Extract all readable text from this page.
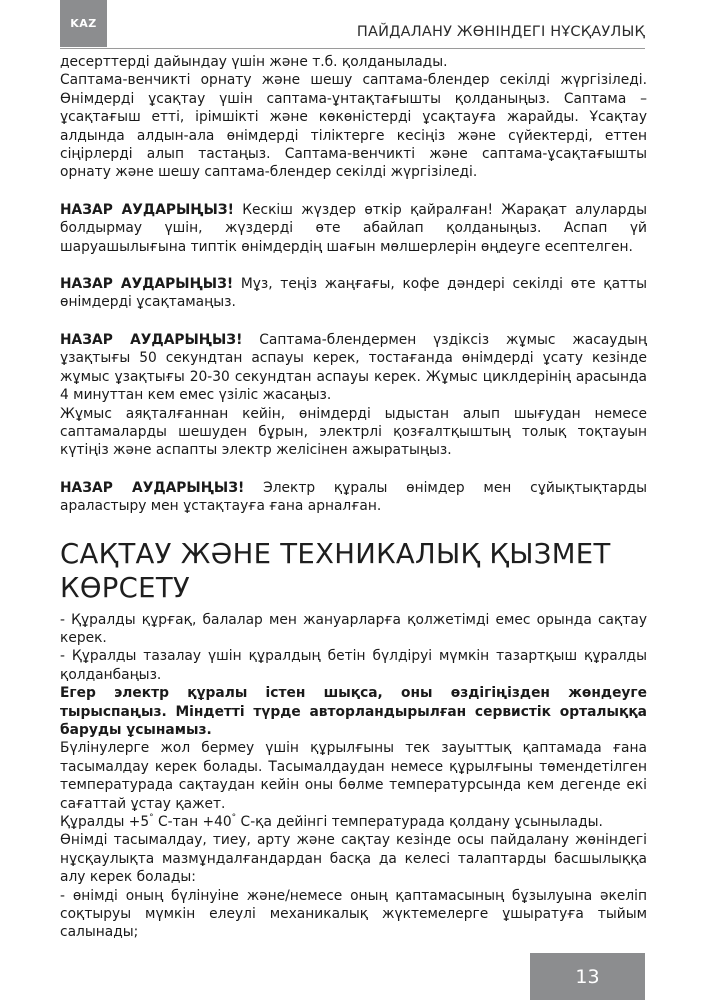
KAZ
ПАЙДАЛАНУ ЖӨНІНДЕГІ НҰСҚАУЛЫҚ

десерттерді дайындау үшін және т.б. қолданылады.

Саптама-венчикті орнату және шешу саптама-блендер секілді жүргізіледі. Өнімдерді ұсақтау үшін саптама-ұнтақтағышты қолданыңыз. Саптама – ұсақтағыш етті, ірімшікті және көкөністерді ұсақтауға жарайды. Ұсақтау алдында алдын-ала өнімдерді тіліктерге кесіңіз және сүйектерді, еттен сіңірлерді алып тастаңыз. Саптама-венчикті және саптама-ұсақтағышты орнату және шешу саптама-блендер секілді жүргізіледі.

НАЗАР АУДАРЫҢЫЗ! Кескіш жүздер өткір қайралған! Жарақат алуларды болдырмау үшін, жүздерді өте абайлап қолданыңыз. Аспап үй шаруашылығына типтік өнімдердің шағын мөлшерлерін өңдеуге есептелген.

НАЗАР АУДАРЫҢЫЗ! Мұз, теңіз жаңғағы, кофе дәндері секілді өте қатты өнімдерді ұсақтамаңыз.

НАЗАР АУДАРЫҢЫЗ! Саптама-блендермен үздіксіз жұмыс жасаудың ұзақтығы 50 секундтан аспауы керек, тостағанда өнімдерді ұсату кезінде жұмыс ұзақтығы 20-30 секундтан аспауы керек. Жұмыс циклдерінің арасында 4 минуттан кем емес үзіліс жасаңыз.

Жұмыс аяқталғаннан кейін, өнімдерді ыдыстан алып шығудан немесе саптамаларды шешуден бұрын, электрлі қозғалтқыштың толық тоқтауын күтіңіз және аспапты электр желісінен ажыратыңыз.

НАЗАР АУДАРЫҢЫЗ! Электр құралы өнімдер мен сұйықтықтарды араластыру мен ұстақтауға ғана арналған.

САҚТАУ ЖӘНЕ ТЕХНИКАЛЫҚ ҚЫЗМЕТ КӨРСЕТУ

- Құралды құрғақ, балалар мен жануарларға қолжетімді емес орында сақтау керек.

- Құралды тазалау үшін құралдың бетін бүлдіруі мүмкін тазартқыш құралды қолданбаңыз.

Егер электр құралы істен шықса, оны өздігіңізден жөндеуге тырыспаңыз. Міндетті түрде авторландырылған сервистік орталыққа баруды ұсынамыз.

Бүлінулерге жол бермеу үшін құрылғыны тек зауыттық қаптамада ғана тасымалдау керек болады. Тасымалдаудан немесе құрылғыны төмендетілген температурада сақтаудан кейін оны бөлме температурсында кем дегенде екі сағаттай ұстау қажет.

Құралды +5° С-тан +40° С-қа дейінгі температурада қолдану ұсынылады.

Өнімді тасымалдау, тиеу, арту және сақтау кезінде осы пайдалану жөніндегі нұсқаулықта мазмұндалғандардан басқа да келесі талаптарды басшылыққа алу керек болады:

- өнімді оның бүлінуіне және/немесе оның қаптамасының бұзылуына әкеліп соқтыруы мүмкін елеулі механикалық жүктемелерге ұшыратуға тыйым салынады;

13
